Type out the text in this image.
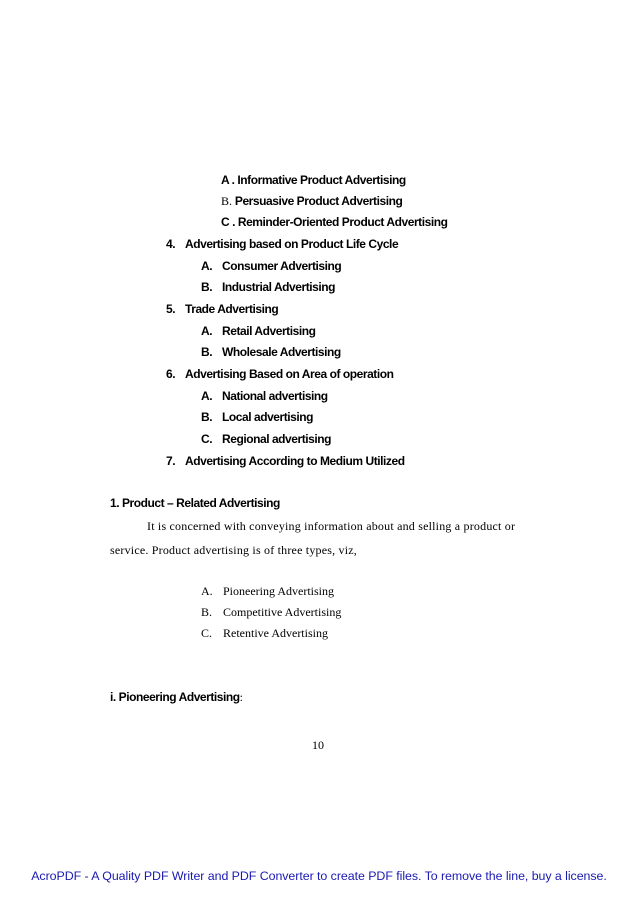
A . Informative Product Advertising
B. Persuasive Product Advertising
C . Reminder-Oriented Product Advertising
4. Advertising based on Product Life Cycle
A. Consumer Advertising
B. Industrial Advertising
5. Trade Advertising
A. Retail Advertising
B. Wholesale Advertising
6. Advertising Based on Area of operation
A. National advertising
B. Local advertising
C. Regional advertising
7. Advertising According to Medium Utilized
1. Product – Related Advertising
It is concerned with conveying information about and selling a product or
service. Product advertising is of three types, viz,
A. Pioneering Advertising
B. Competitive Advertising
C. Retentive Advertising
i. Pioneering Advertising:
10
AcroPDF - A Quality PDF Writer and PDF Converter to create PDF files. To remove the line, buy a license.
